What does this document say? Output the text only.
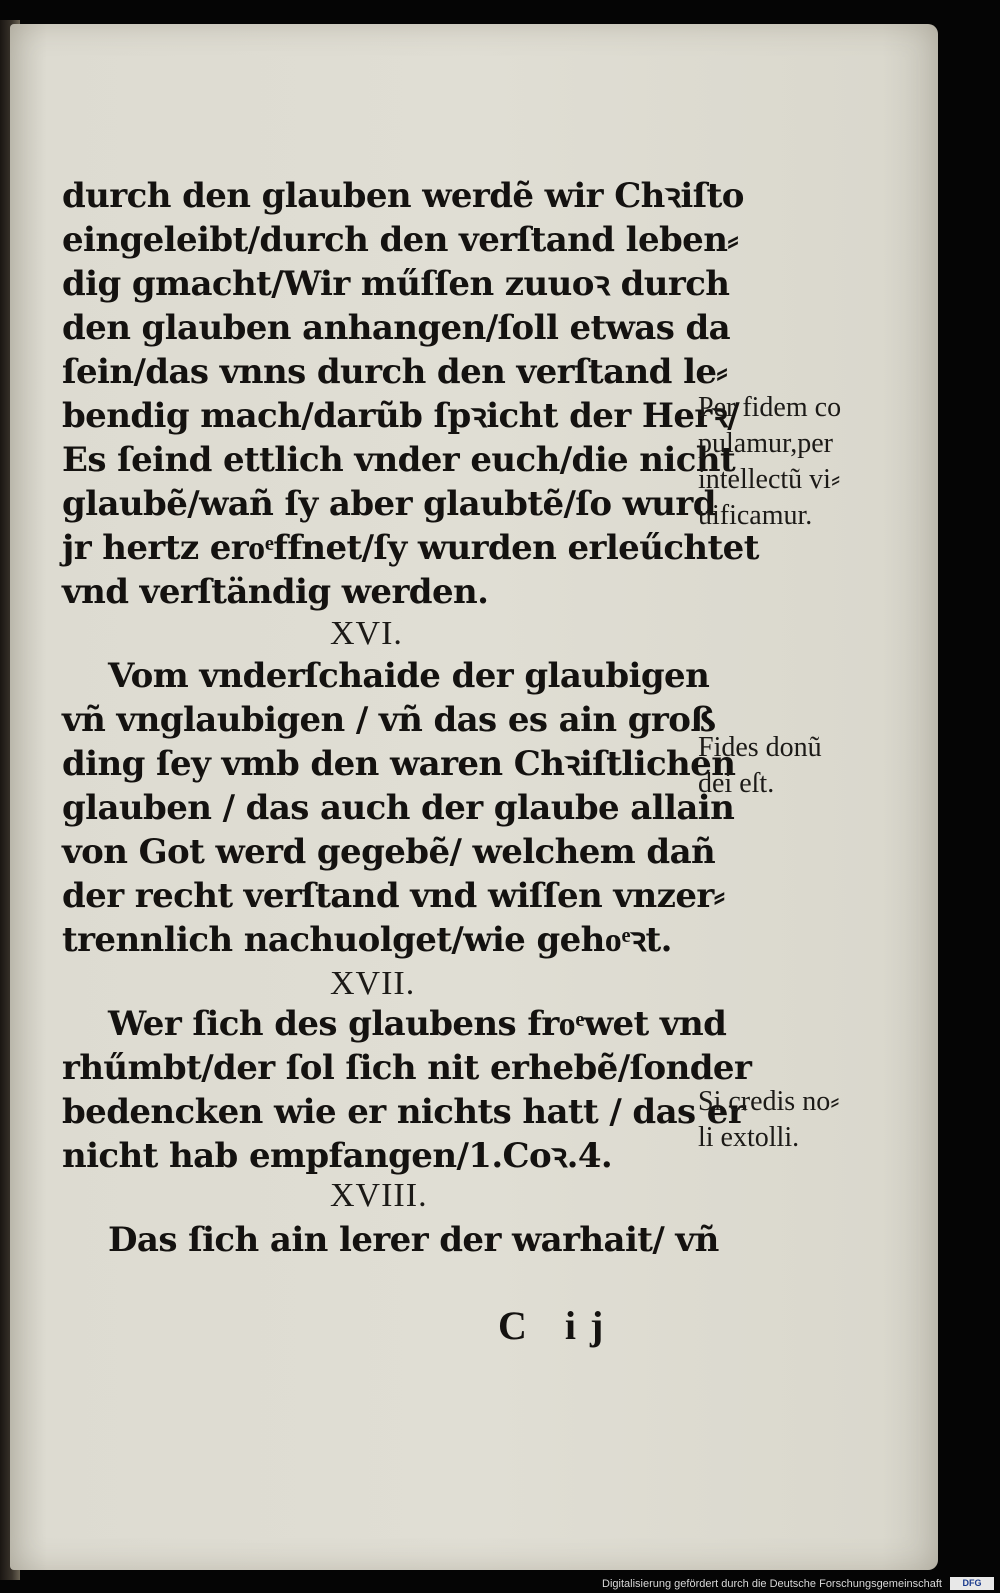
durch den glauben werdẽ wir Chꝛiſto

eingeleibt/durch den verſtand leben⸗

dig gmacht/Wir műſſen zuuoꝛ durch

den glauben anhangen/ſoll etwas da

ſein/das vnns durch den verſtand le⸗

bendig mach/darũb ſpꝛicht der Herꝛ/

Es ſeind ettlich vnder euch/die nicht

glaubẽ/wañ ſy aber glaubtẽ/ſo wurd

jr hertz eroͤffnet/ſy wurden erleűchtet

vnd verſtändig werden.

XVI.

Vom vnderſchaide der glaubigen

vñ vnglaubigen / vñ das es ain groß

ding ſey vmb den waren Chꝛiſtlichen

glauben / das auch der glaube allain

von Got werd gegebẽ/ welchem dañ

der recht verſtand vnd wiſſen vnzer⸗

trennlich nachuolget/wie gehoͤꝛt.

XVII.

Wer ſich des glaubens froͤwet vnd

rhűmbt/der ſol ſich nit erhebẽ/ſonder

bedencken wie er nichts hatt / das er

nicht hab empfangen/1.Coꝛ.4.

XVIII.

Das ſich ain lerer der warhait/ vñ

C ij
Per fidem co
pulamur,per
intellectũ vi⸗
uificamur.
Fides donũ
dei eſt.
Si credis no⸗
li extolli.
Digitalisierung gefördert durch die Deutsche Forschungsgemeinschaft	DFG
